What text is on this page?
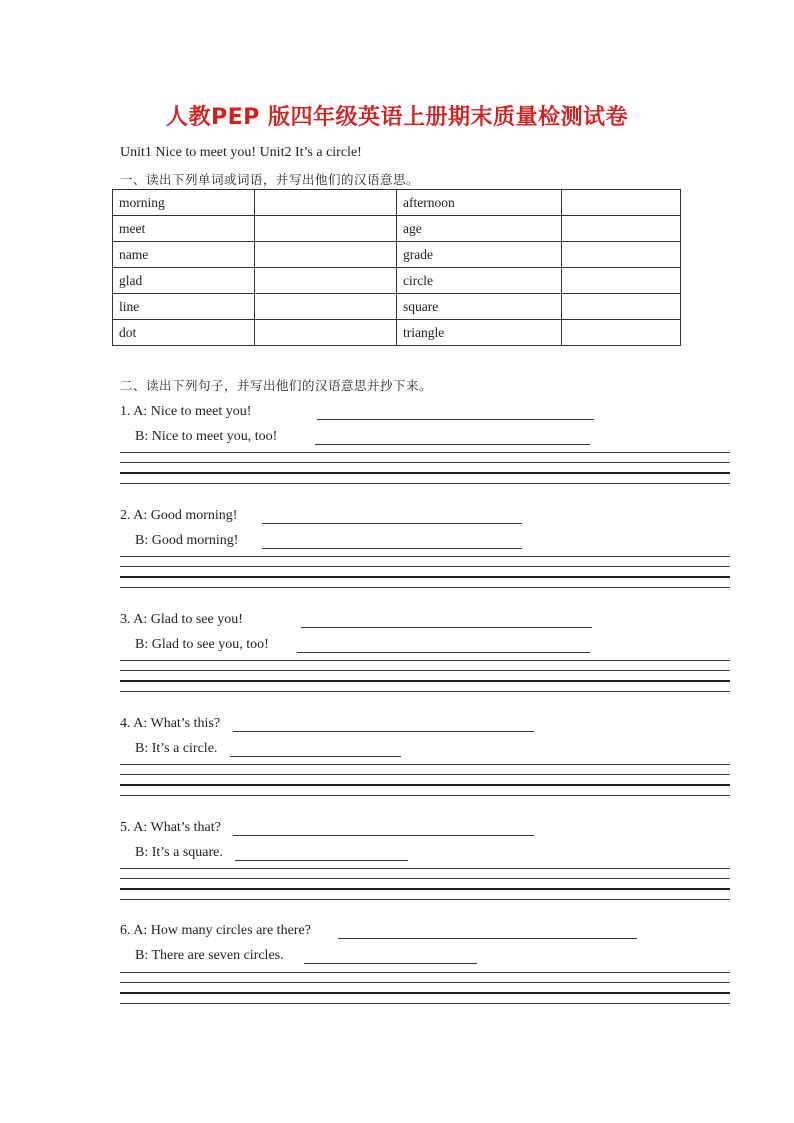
人教PEP 版四年级英语上册期末质量检测试卷
Unit1 Nice to meet you! Unit2 It’s a circle!
一、读出下列单词或词语，并写出他们的汉语意思。
morning		afternoon	
meet		age	
name		grade	
glad		circle	
line		square	
dot		triangle	
二、读出下列句子，并写出他们的汉语意思并抄下来。
1. A: Nice to meet you!
B: Nice to meet you, too!
2. A: Good morning!
B: Good morning!
3. A: Glad to see you!
B: Glad to see you, too!
4. A: What’s this?
B: It’s a circle.
5. A: What’s that?
B: It’s a square.
6. A: How many circles are there?
B: There are seven circles.
